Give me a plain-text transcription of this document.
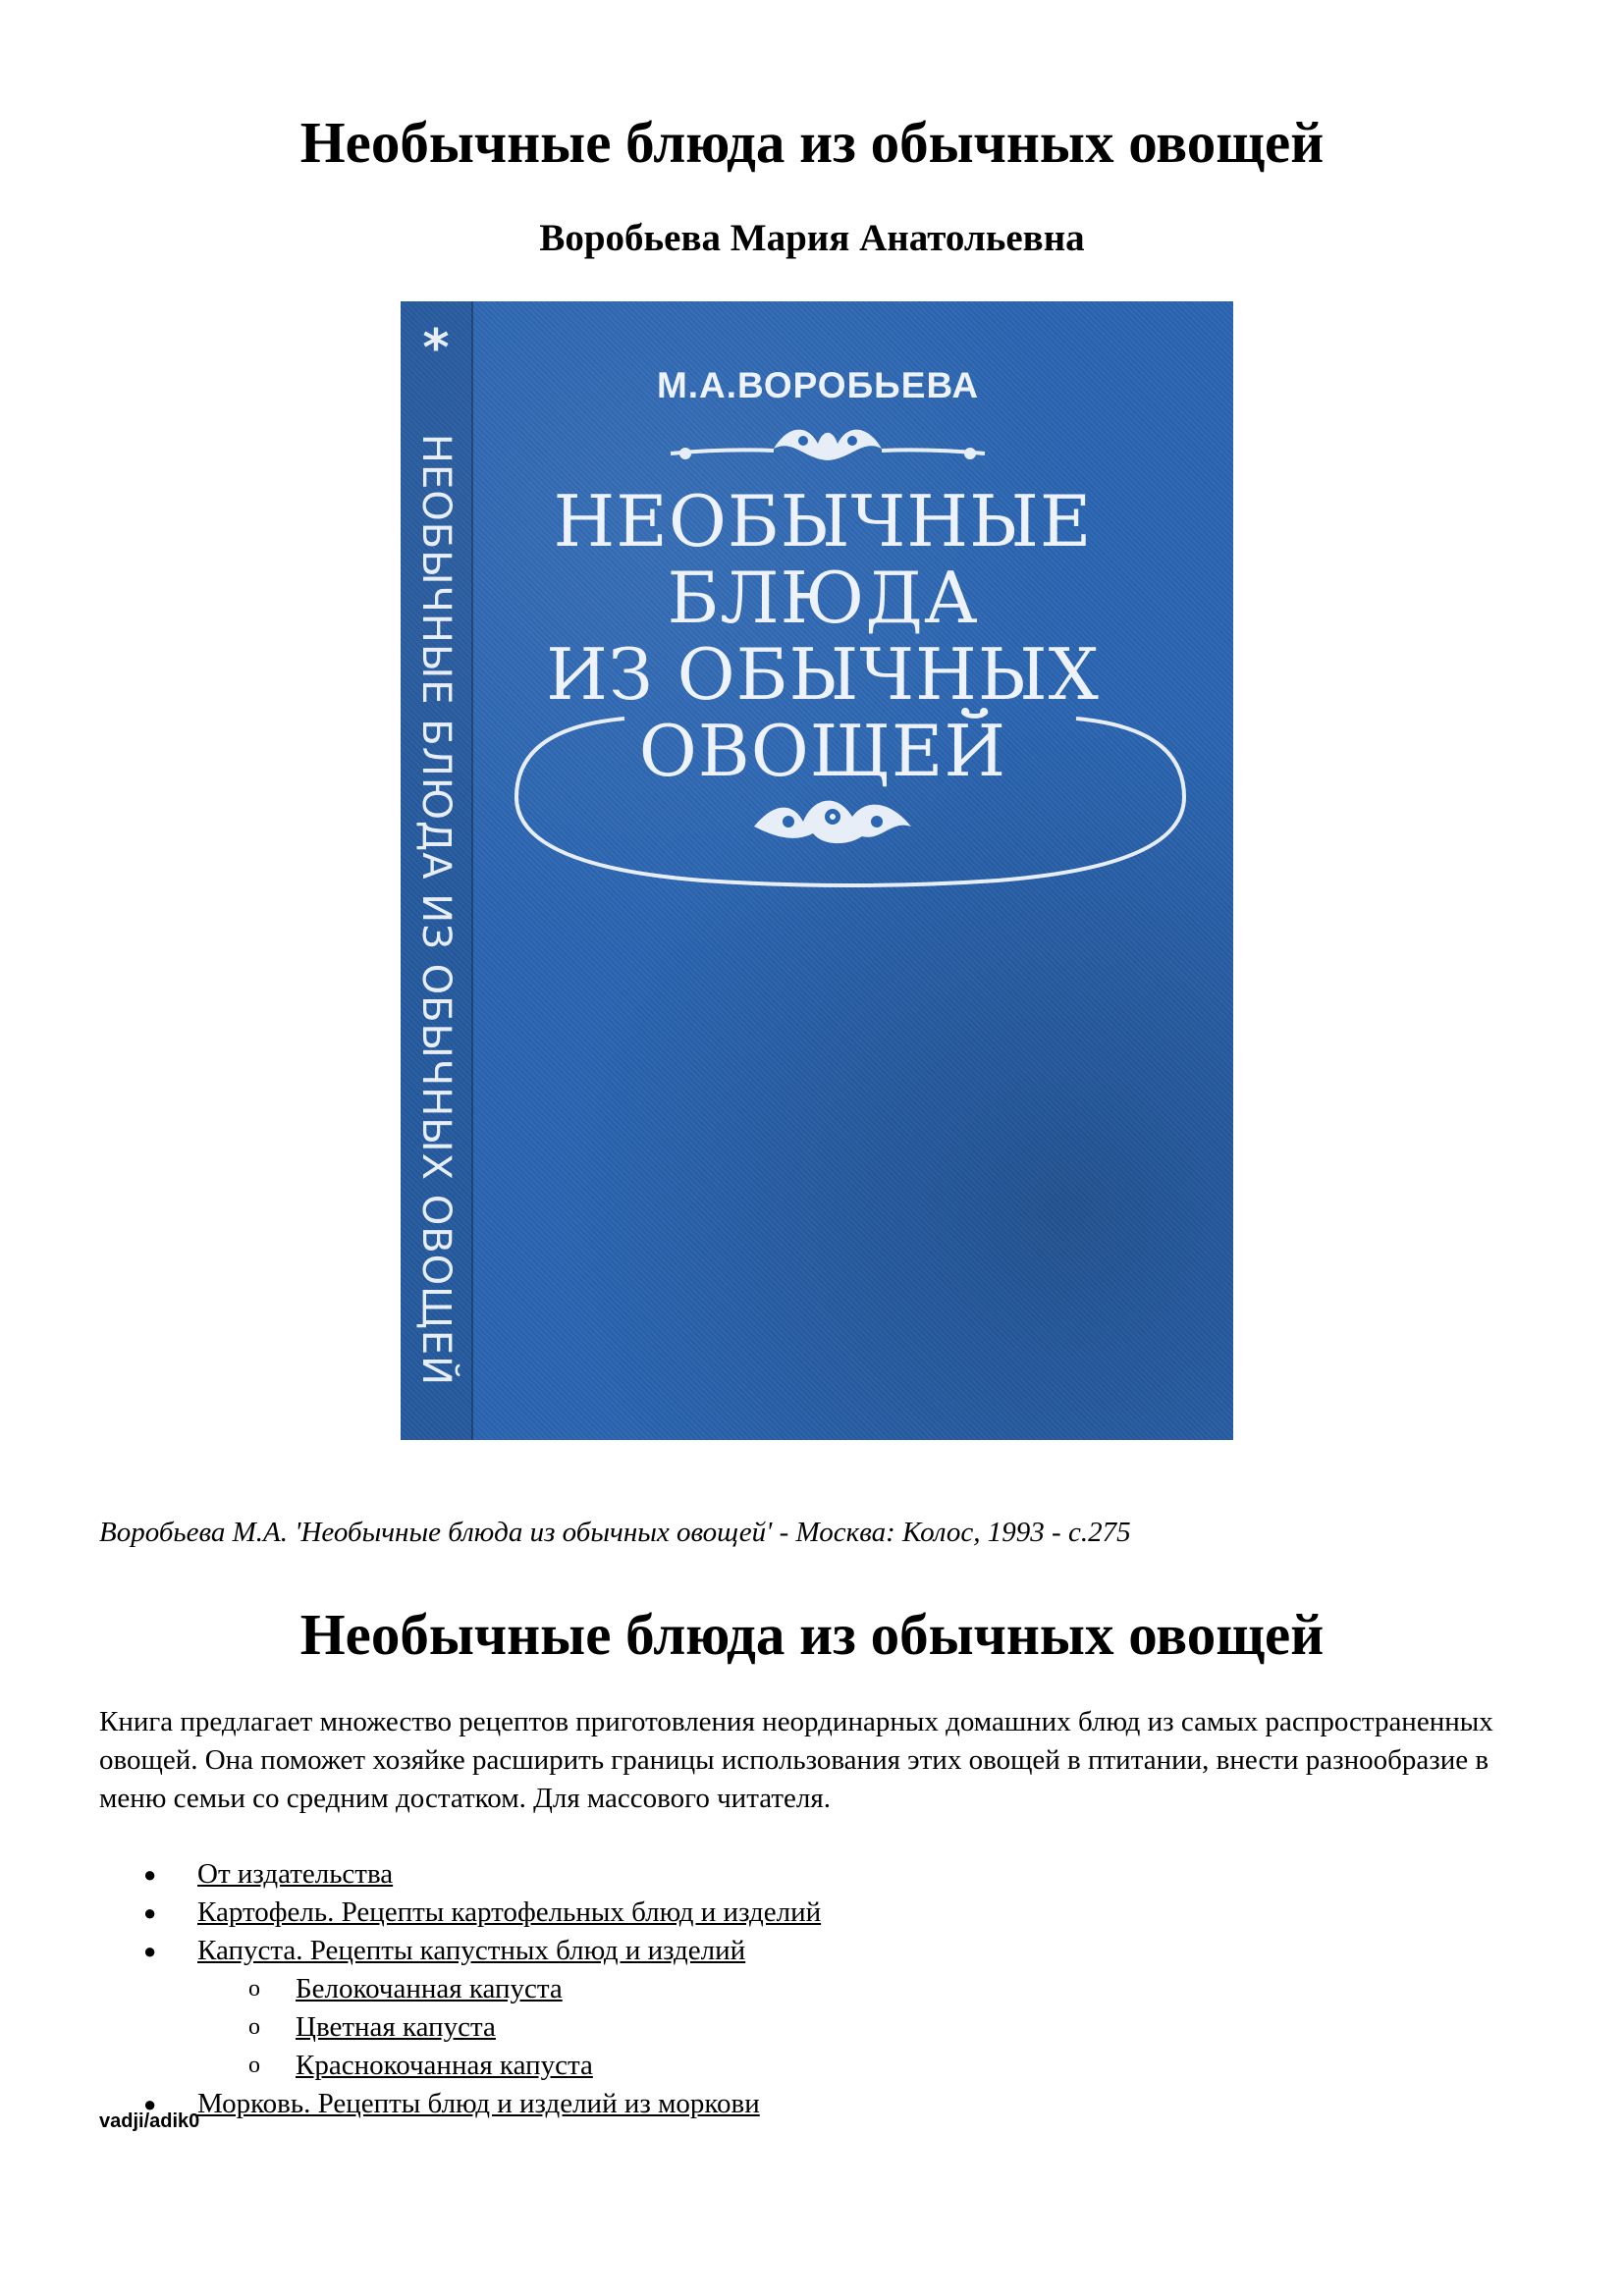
Необычные блюда из обычных овощей
Воробьева Мария Анатольевна
*
НЕОБЫЧНЫЕ БЛЮДА ИЗ ОБЫЧНЫХ ОВОЩЕЙ
М.А.ВОРОБЬЕВА
НЕОБЫЧНЫЕ
БЛЮДА
ИЗ ОБЫЧНЫХ
ОВОЩЕЙ

Воробьева М.А. 'Необычные блюда из обычных овощей' - Москва: Колос, 1993 - с.275

Необычные блюда из обычных овощей

Книга предлагает множество рецептов приготовления неординарных домашних блюд из самых распространенных овощей. Она поможет хозяйке расширить границы использования этих овощей в птитании, внести разнообразие в меню семьи со средним достатком. Для массового читателя.

● От издательства
● Картофель. Рецепты картофельных блюд и изделий
● Капуста. Рецепты капустных блюд и изделий
o Белокочанная капуста
o Цветная капуста
o Краснокочанная капуста
● Морковь. Рецепты блюд и изделий из моркови

vadji/adik0
